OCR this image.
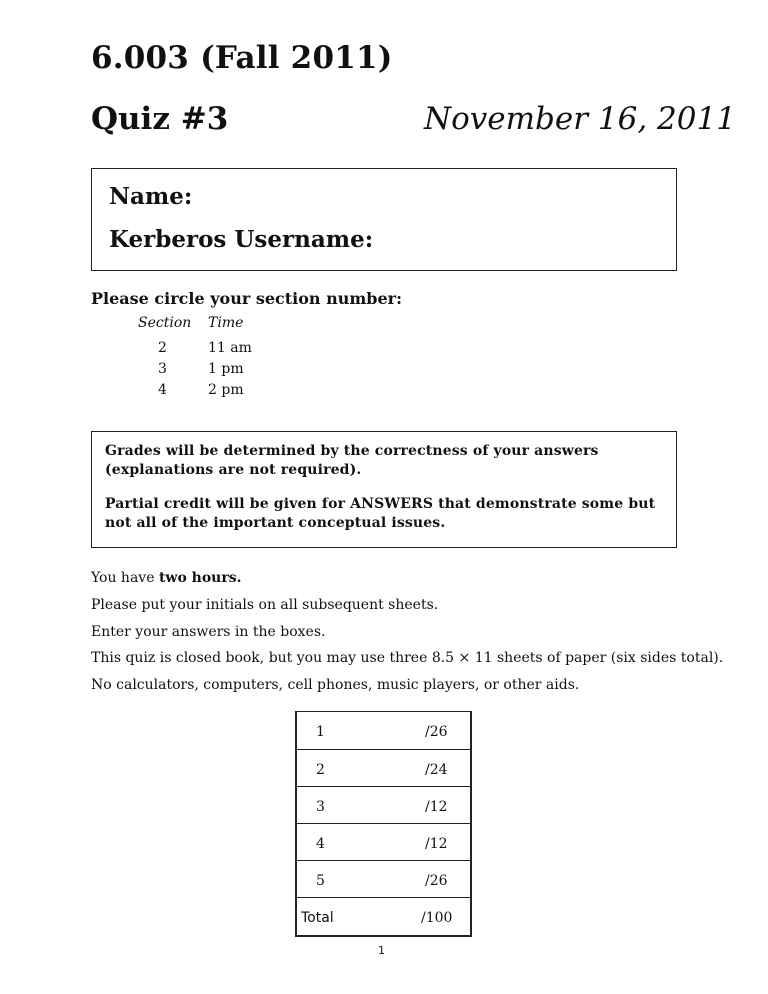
6.003 (Fall 2011)
Quiz #3	November 16, 2011
Name:
Kerberos Username:
Please circle your section number:
Section Time
2	11 am
3	1 pm
4	2 pm
Grades will be determined by the correctness of your answers (explanations are not required).
Partial credit will be given for ANSWERS that demonstrate some but not all of the important conceptual issues.
You have two hours.
Please put your initials on all subsequent sheets.
Enter your answers in the boxes.
This quiz is closed book, but you may use three 8.5 × 11 sheets of paper (six sides total).
No calculators, computers, cell phones, music players, or other aids.
1	/26
2	/24
3	/12
4	/12
5	/26
Total	/100
1
